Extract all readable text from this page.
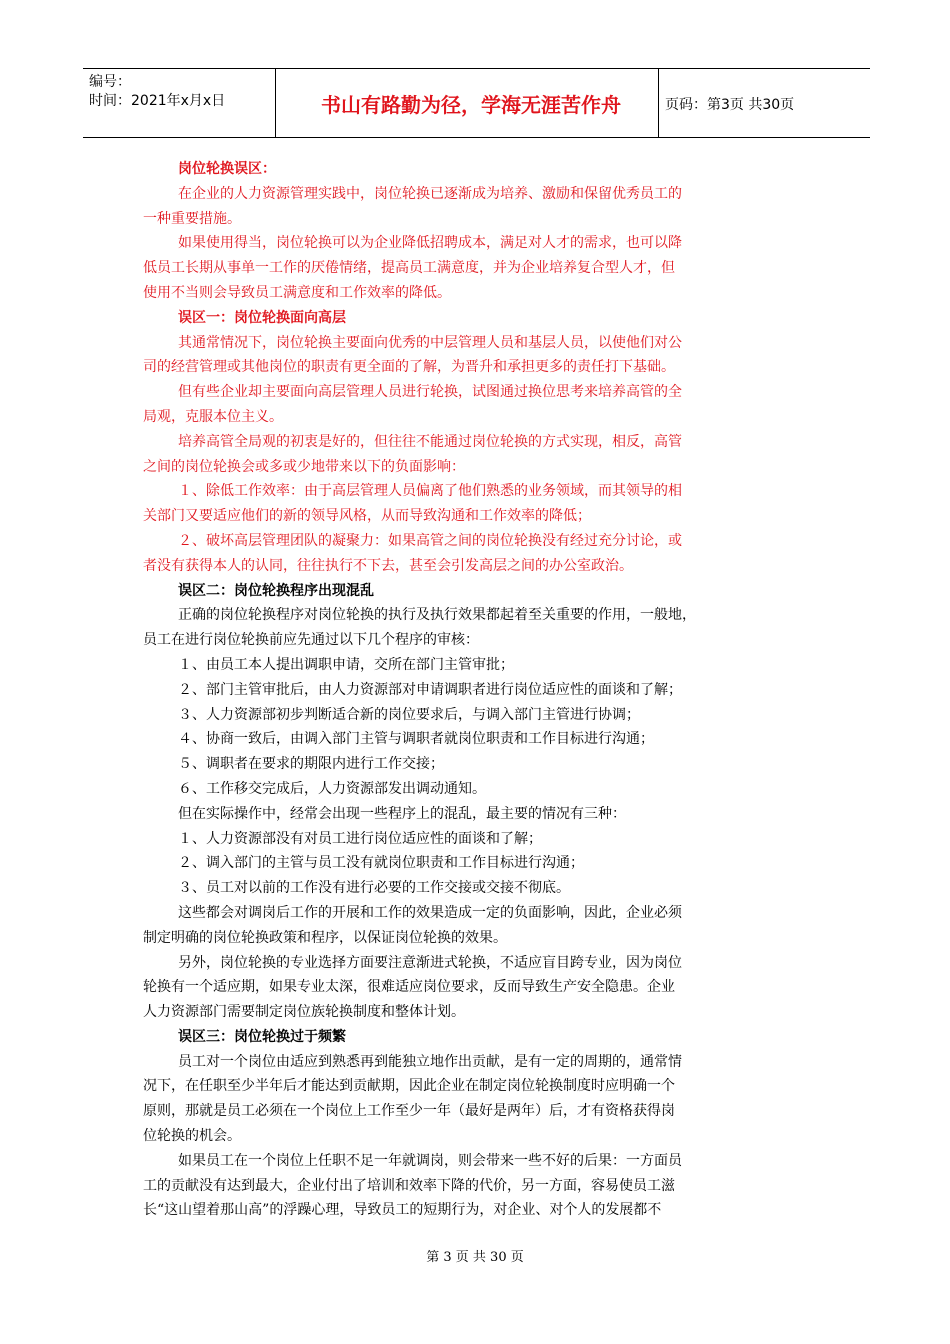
编号：
时间：2021年x月x日	书山有路勤为径，学海无涯苦作舟	页码：第3页 共30页
岗位轮换误区：
在企业的人力资源管理实践中，岗位轮换已逐渐成为培养、激励和保留优秀员工的
一种重要措施。
如果使用得当，岗位轮换可以为企业降低招聘成本，满足对人才的需求，也可以降
低员工长期从事单一工作的厌倦情绪，提高员工满意度，并为企业培养复合型人才，但
使用不当则会导致员工满意度和工作效率的降低。
误区一：岗位轮换面向高层
其通常情况下，岗位轮换主要面向优秀的中层管理人员和基层人员，以使他们对公
司的经营管理或其他岗位的职责有更全面的了解，为晋升和承担更多的责任打下基础。
但有些企业却主要面向高层管理人员进行轮换，试图通过换位思考来培养高管的全
局观，克服本位主义。
培养高管全局观的初衷是好的，但往往不能通过岗位轮换的方式实现，相反，高管
之间的岗位轮换会或多或少地带来以下的负面影响：
１、除低工作效率：由于高层管理人员偏离了他们熟悉的业务领域，而其领导的相
关部门又要适应他们的新的领导风格，从而导致沟通和工作效率的降低；
２、破坏高层管理团队的凝聚力：如果高管之间的岗位轮换没有经过充分讨论，或
者没有获得本人的认同，往往执行不下去，甚至会引发高层之间的办公室政治。
误区二：岗位轮换程序出现混乱
正确的岗位轮换程序对岗位轮换的执行及执行效果都起着至关重要的作用，一般地，
员工在进行岗位轮换前应先通过以下几个程序的审核：
１、由员工本人提出调职申请，交所在部门主管审批；
２、部门主管审批后，由人力资源部对申请调职者进行岗位适应性的面谈和了解；
３、人力资源部初步判断适合新的岗位要求后，与调入部门主管进行协调；
４、协商一致后，由调入部门主管与调职者就岗位职责和工作目标进行沟通；
５、调职者在要求的期限内进行工作交接；
６、工作移交完成后，人力资源部发出调动通知。
但在实际操作中，经常会出现一些程序上的混乱，最主要的情况有三种：
１、人力资源部没有对员工进行岗位适应性的面谈和了解；
２、调入部门的主管与员工没有就岗位职责和工作目标进行沟通；
３、员工对以前的工作没有进行必要的工作交接或交接不彻底。
这些都会对调岗后工作的开展和工作的效果造成一定的负面影响，因此，企业必须
制定明确的岗位轮换政策和程序，以保证岗位轮换的效果。
另外，岗位轮换的专业选择方面要注意渐进式轮换，不适应盲目跨专业，因为岗位
轮换有一个适应期，如果专业太深，很难适应岗位要求，反而导致生产安全隐患。企业
人力资源部门需要制定岗位族轮换制度和整体计划。
误区三：岗位轮换过于频繁
员工对一个岗位由适应到熟悉再到能独立地作出贡献，是有一定的周期的，通常情
况下，在任职至少半年后才能达到贡献期，因此企业在制定岗位轮换制度时应明确一个
原则，那就是员工必须在一个岗位上工作至少一年（最好是两年）后，才有资格获得岗
位轮换的机会。
如果员工在一个岗位上任职不足一年就调岗，则会带来一些不好的后果：一方面员
工的贡献没有达到最大，企业付出了培训和效率下降的代价，另一方面，容易使员工滋
长“这山望着那山高”的浮躁心理，导致员工的短期行为，对企业、对个人的发展都不
第 3 页 共 30 页
